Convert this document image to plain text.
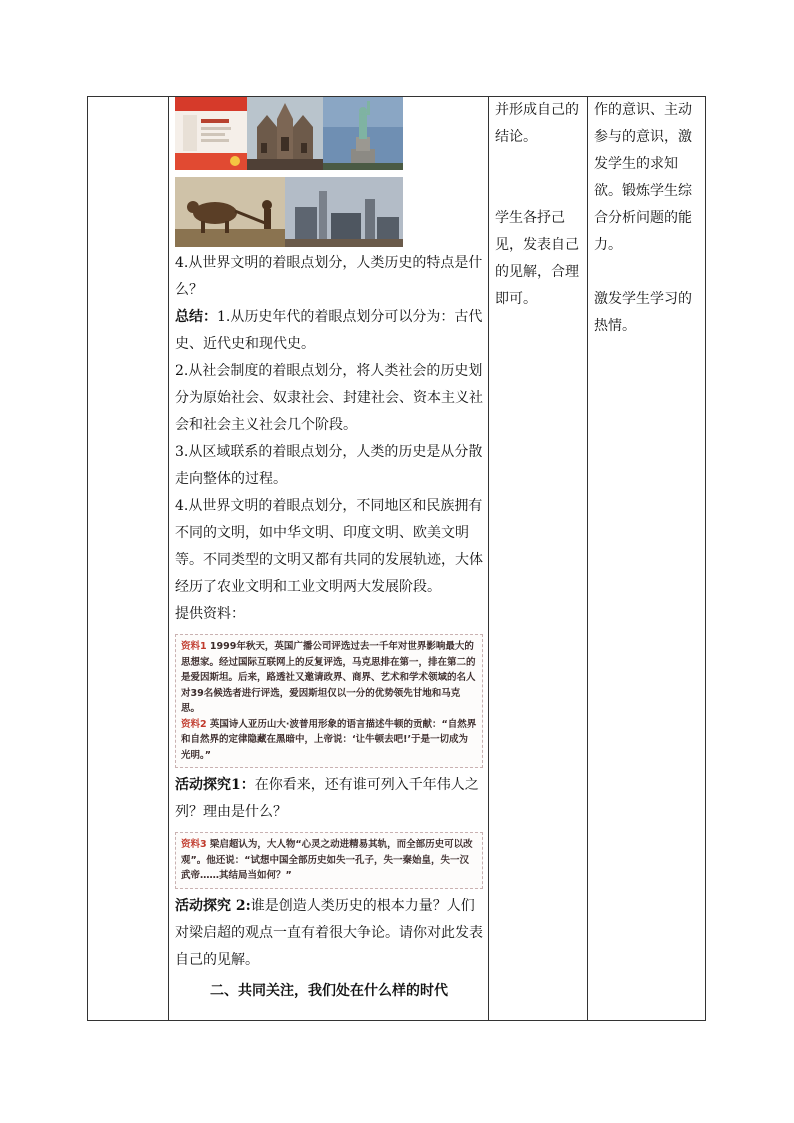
4.从世界文明的着眼点划分，人类历史的特点是什么？

总结：1.从历史年代的着眼点划分可以分为：古代史、近代史和现代史。

2.从社会制度的着眼点划分，将人类社会的历史划分为原始社会、奴隶社会、封建社会、资本主义社会和社会主义社会几个阶段。

3.从区域联系的着眼点划分，人类的历史是从分散走向整体的过程。

4.从世界文明的着眼点划分，不同地区和民族拥有不同的文明，如中华文明、印度文明、欧美文明等。不同类型的文明又都有共同的发展轨迹，大体经历了农业文明和工业文明两大发展阶段。

提供资料：

资料1 1999年秋天，英国广播公司评选过去一千年对世界影响最大的思想家。经过国际互联网上的反复评选，马克思排在第一，排在第二的是爱因斯坦。后来，路透社又邀请政界、商界、艺术和学术领域的名人对39名候选者进行评选，爱因斯坦仅以一分的优势领先甘地和马克思。
资料2 英国诗人亚历山大·波普用形象的语言描述牛顿的贡献：“自然界和自然界的定律隐藏在黑暗中，上帝说：‘让牛顿去吧!’于是一切成为光明。”

活动探究1：在你看来，还有谁可列入千年伟人之列？理由是什么？

资料3 梁启超认为，大人物“心灵之动进精易其轨，而全部历史可以改观”。他还说：“试想中国全部历史如失一孔子，失一秦始皇，失一汉武帝……其结局当如何？”

活动探究 2:谁是创造人类历史的根本力量？人们对梁启超的观点一直有着很大争论。请你对此发表自己的见解。

二、共同关注，我们处在什么样的时代

并形成自己的结论。

学生各抒己见，发表自己的见解，合理即可。

作的意识、主动参与的意识，激发学生的求知欲。锻炼学生综合分析问题的能力。

激发学生学习的热情。
